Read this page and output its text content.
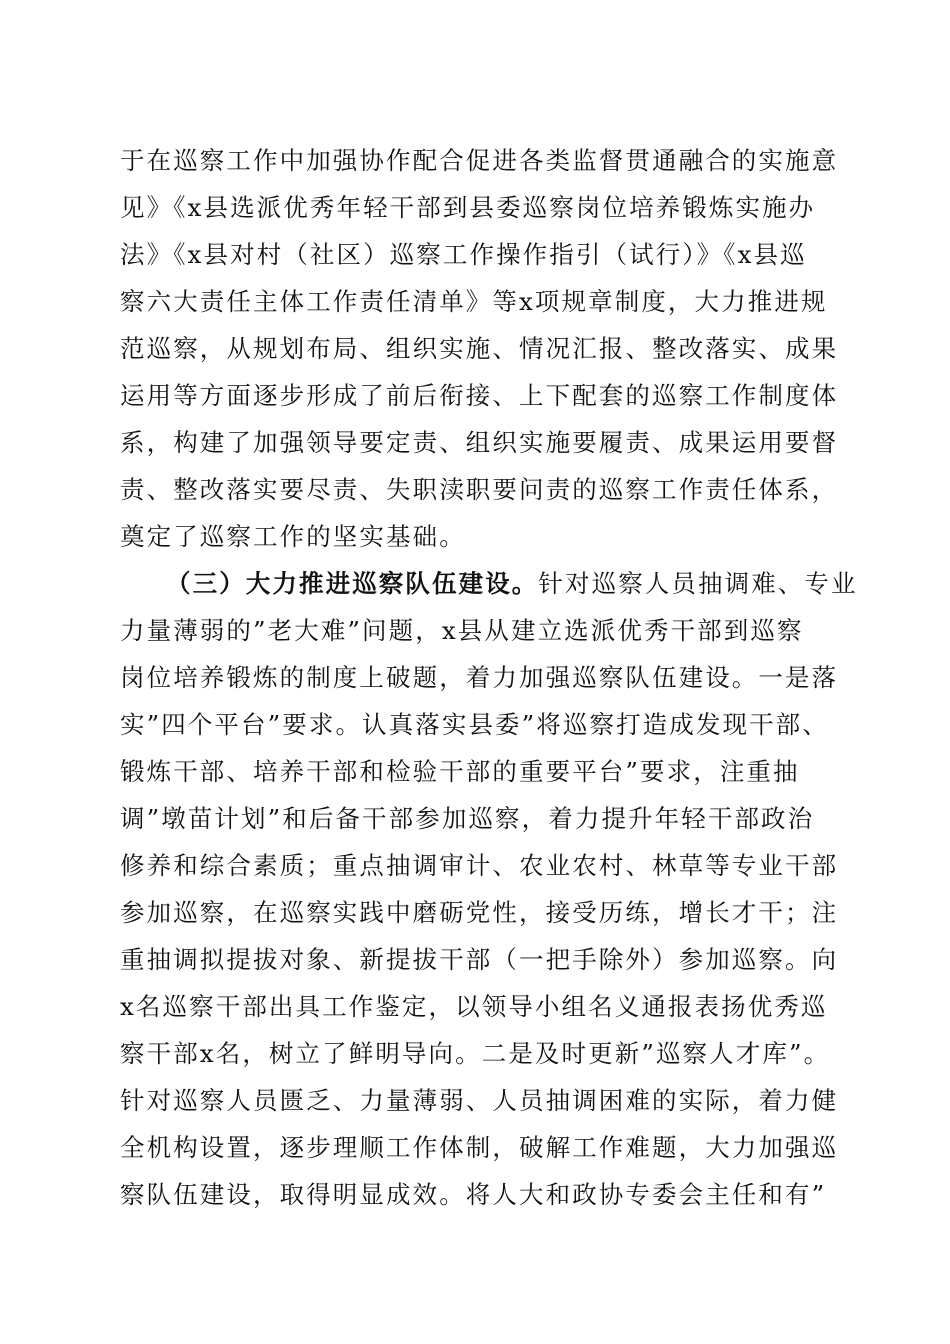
于在巡察工作中加强协作配合促进各类监督贯通融合的实施意
见》《x县选派优秀年轻干部到县委巡察岗位培养锻炼实施办
法》《x县对村（社区）巡察工作操作指引（试行）》《x县巡
察六大责任主体工作责任清单》等x项规章制度，大力推进规
范巡察，从规划布局、组织实施、情况汇报、整改落实、成果
运用等方面逐步形成了前后衔接、上下配套的巡察工作制度体
系，构建了加强领导要定责、组织实施要履责、成果运用要督
责、整改落实要尽责、失职渎职要问责的巡察工作责任体系，
奠定了巡察工作的坚实基础。
（三）大力推进巡察队伍建设。针对巡察人员抽调难、专业
力量薄弱的”老大难”问题，x县从建立选派优秀干部到巡察
岗位培养锻炼的制度上破题，着力加强巡察队伍建设。一是落
实”四个平台”要求。认真落实县委”将巡察打造成发现干部、
锻炼干部、培养干部和检验干部的重要平台”要求，注重抽
调”墩苗计划”和后备干部参加巡察，着力提升年轻干部政治
修养和综合素质；重点抽调审计、农业农村、林草等专业干部
参加巡察，在巡察实践中磨砺党性，接受历练，增长才干；注
重抽调拟提拔对象、新提拔干部（一把手除外）参加巡察。向
x名巡察干部出具工作鉴定，以领导小组名义通报表扬优秀巡
察干部x名，树立了鲜明导向。二是及时更新”巡察人才库”。
针对巡察人员匮乏、力量薄弱、人员抽调困难的实际，着力健
全机构设置，逐步理顺工作体制，破解工作难题，大力加强巡
察队伍建设，取得明显成效。将人大和政协专委会主任和有”
